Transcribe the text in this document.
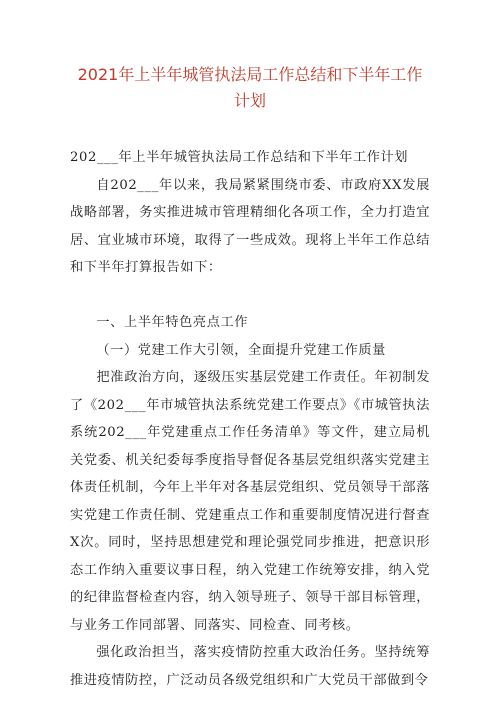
2021年上半年城管执法局工作总结和下半年工作计划

202___年上半年城管执法局工作总结和下半年工作计划

自202___年以来，我局紧紧围绕市委、市政府XX发展战略部署，务实推进城市管理精细化各项工作，全力打造宜居、宜业城市环境，取得了一些成效。现将上半年工作总结和下半年打算报告如下：

一、上半年特色亮点工作

（一）党建工作大引领，全面提升党建工作质量

把准政治方向，逐级压实基层党建工作责任。年初制发了《202___年市城管执法系统党建工作要点》《市城管执法系统202___年党建重点工作任务清单》等文件，建立局机关党委、机关纪委每季度指导督促各基层党组织落实党建主体责任机制，今年上半年对各基层党组织、党员领导干部落实党建工作责任制、党建重点工作和重要制度情况进行督查X次。同时，坚持思想建党和理论强党同步推进，把意识形态工作纳入重要议事日程，纳入党建工作统筹安排，纳入党的纪律监督检查内容，纳入领导班子、领导干部目标管理，与业务工作同部署、同落实、同检查、同考核。

强化政治担当，落实疫情防控重大政治任务。坚持统筹推进疫情防控，广泛动员各级党组织和广大党员干部做到令
